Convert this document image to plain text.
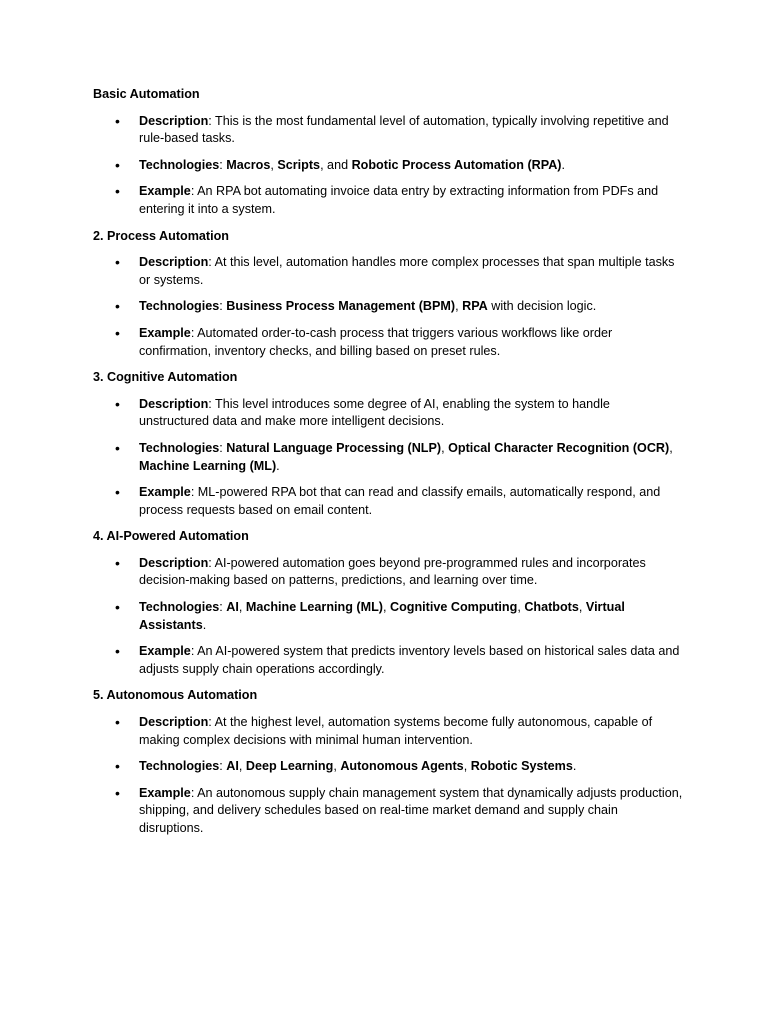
Basic Automation

• Description: This is the most fundamental level of automation, typically involving repetitive and rule-based tasks.
• Technologies: Macros, Scripts, and Robotic Process Automation (RPA).
• Example: An RPA bot automating invoice data entry by extracting information from PDFs and entering it into a system.

2. Process Automation

• Description: At this level, automation handles more complex processes that span multiple tasks or systems.
• Technologies: Business Process Management (BPM), RPA with decision logic.
• Example: Automated order-to-cash process that triggers various workflows like order confirmation, inventory checks, and billing based on preset rules.

3. Cognitive Automation

• Description: This level introduces some degree of AI, enabling the system to handle unstructured data and make more intelligent decisions.
• Technologies: Natural Language Processing (NLP), Optical Character Recognition (OCR), Machine Learning (ML).
• Example: ML-powered RPA bot that can read and classify emails, automatically respond, and process requests based on email content.

4. AI-Powered Automation

• Description: AI-powered automation goes beyond pre-programmed rules and incorporates decision-making based on patterns, predictions, and learning over time.
• Technologies: AI, Machine Learning (ML), Cognitive Computing, Chatbots, Virtual Assistants.
• Example: An AI-powered system that predicts inventory levels based on historical sales data and adjusts supply chain operations accordingly.

5. Autonomous Automation

• Description: At the highest level, automation systems become fully autonomous, capable of making complex decisions with minimal human intervention.
• Technologies: AI, Deep Learning, Autonomous Agents, Robotic Systems.
• Example: An autonomous supply chain management system that dynamically adjusts production, shipping, and delivery schedules based on real-time market demand and supply chain disruptions.
